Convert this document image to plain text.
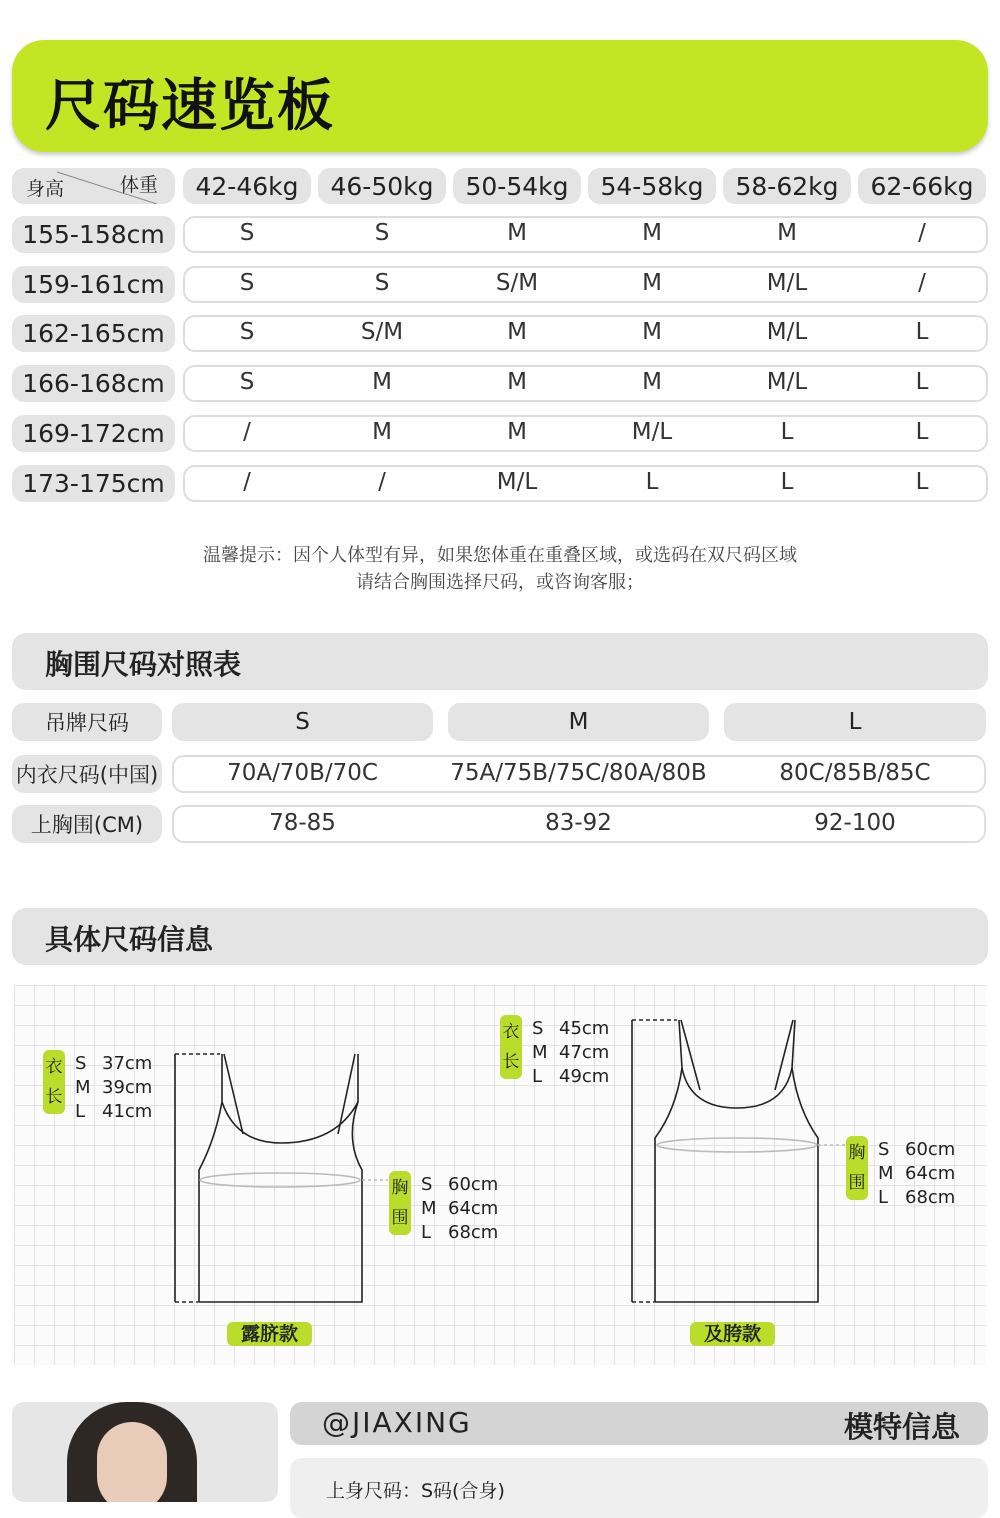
尺码速览板
身高	体重	42-46kg	46-50kg	50-54kg	54-58kg	58-62kg	62-66kg
155-158cm	S	S	M	M	M	/
159-161cm	S	S	S/M	M	M/L	/
162-165cm	S	S/M	M	M	M/L	L
166-168cm	S	M	M	M	M/L	L
169-172cm	/	M	M	M/L	L	L
173-175cm	/	/	M/L	L	L	L
温馨提示：因个人体型有异，如果您体重在重叠区域，或选码在双尺码区域
请结合胸围选择尺码，或咨询客服；
胸围尺码对照表
吊牌尺码	S	M	L
内衣尺码(中国)	70A/70B/70C	75A/75B/75C/80A/80B	80C/85B/85C
上胸围(CM)	78-85	83-92	92-100
具体尺码信息
衣长
S 37cm
M 39cm
L 41cm
胸围
S 60cm
M 64cm
L 68cm
衣长
S 45cm
M 47cm
L 49cm
胸围
S 60cm
M 64cm
L 68cm
露脐款	及胯款
@JIAXING	模特信息
上身尺码：S码(合身)
